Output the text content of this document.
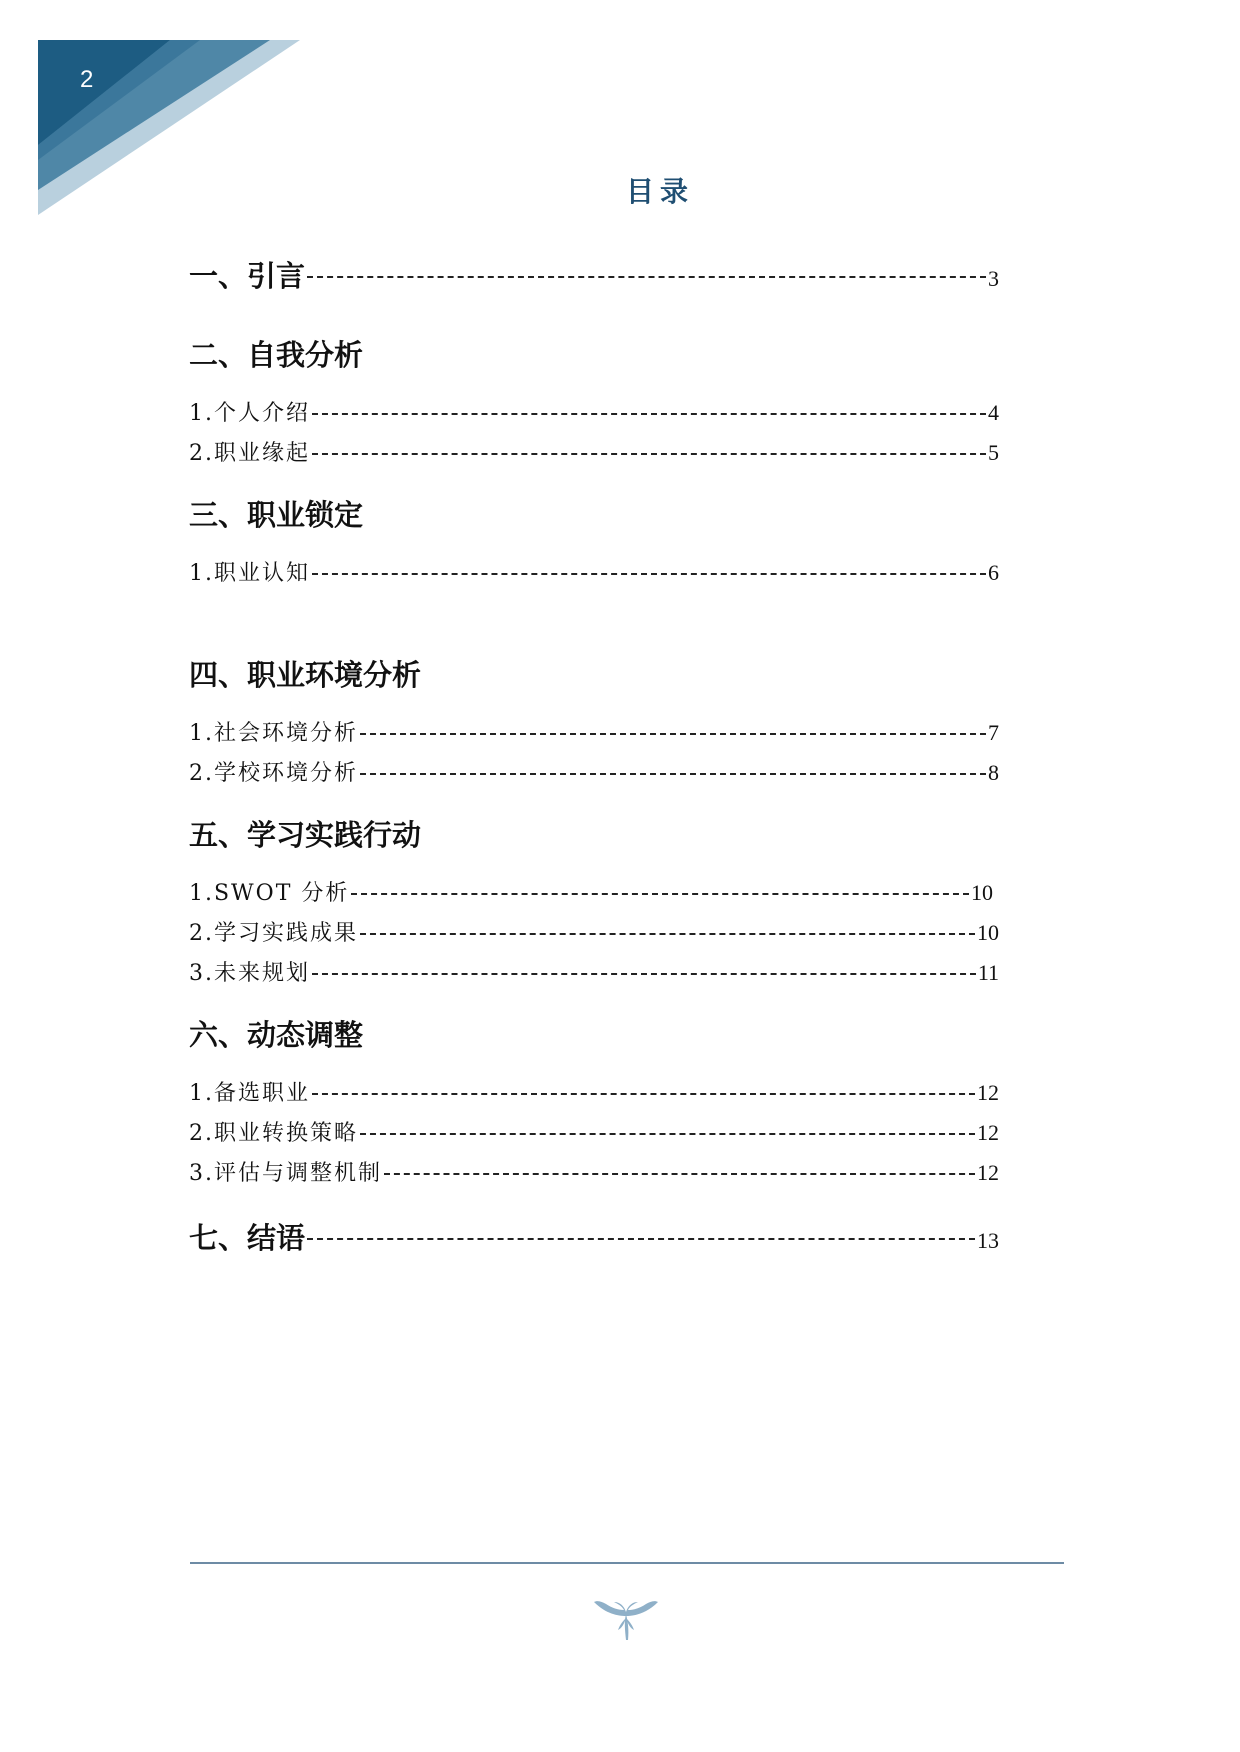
2
目录
一、引言	3
二、自我分析
1.个人介绍	4
2.职业缘起	5
三、职业锁定
1.职业认知	6
四、职业环境分析
1.社会环境分析	7
2.学校环境分析	8
五、学习实践行动
1.SWOT 分析	10
2.学习实践成果	10
3.未来规划	11
六、动态调整
1.备选职业	12
2.职业转换策略	12
3.评估与调整机制	12
七、结语	13
